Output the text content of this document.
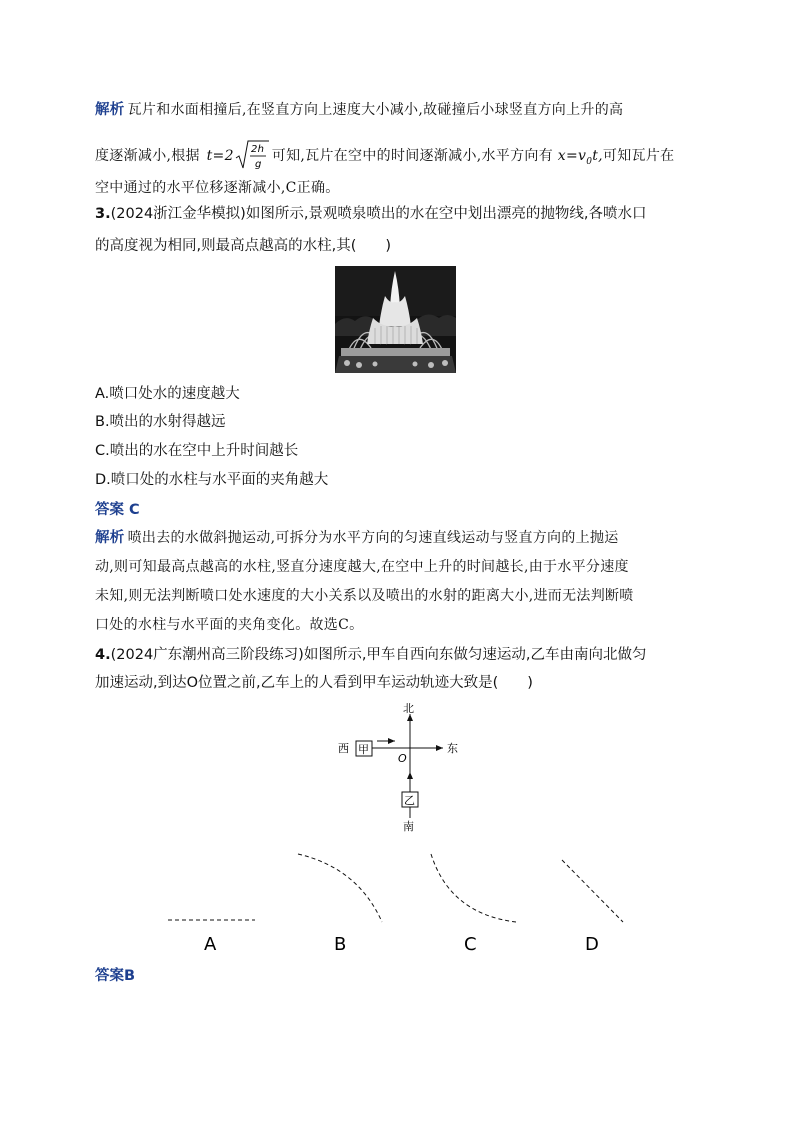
解析 瓦片和水面相撞后,在竖直方向上速度大小减小,故碰撞后小球竖直方向上升的高
度逐渐减小,根据 t=2 2h
g
可知,瓦片在空中的时间逐渐减小,水平方向有 $x=v_0t$,可知瓦片在
空中通过的水平位移逐渐减小,C正确。
3.(2024浙江金华模拟)如图所示,景观喷泉喷出的水在空中划出漂亮的抛物线,各喷水口
的高度视为相同,则最高点越高的水柱,其(　　)
A.喷口处水的速度越大
B.喷出的水射得越远
C.喷出的水在空中上升时间越长
D.喷口处的水柱与水平面的夹角越大
答案 C
解析 喷出去的水做斜抛运动,可拆分为水平方向的匀速直线运动与竖直方向的上抛运
动,则可知最高点越高的水柱,竖直分速度越大,在空中上升的时间越长,由于水平分速度
未知,则无法判断喷口处水速度的大小关系以及喷出的水射的距离大小,进而无法判断喷
口处的水柱与水平面的夹角变化。故选C。
4.(2024广东潮州高三阶段练习)如图所示,甲车自西向东做匀速运动,乙车由南向北做匀
加速运动,到达O位置之前,乙车上的人看到甲车运动轨迹大致是(　　)
北
东
西
O
甲
乙
南
A	B	C	D
答案B
